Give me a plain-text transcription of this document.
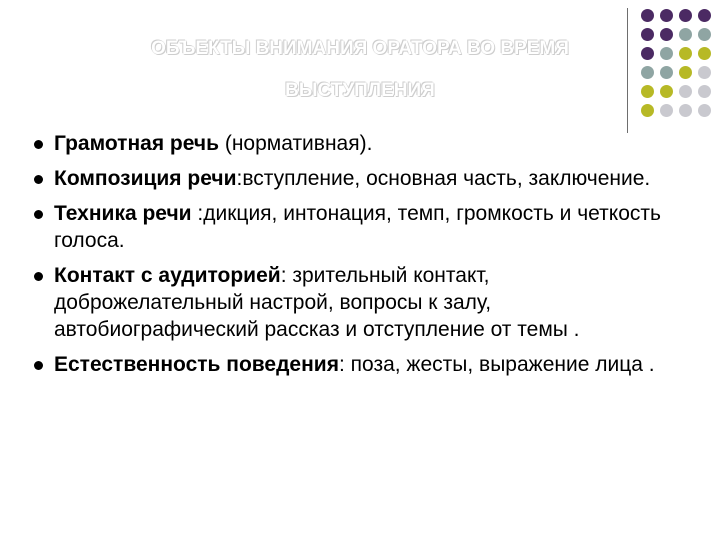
ОБЪЕКТЫ ВНИМАНИЯ ОРАТОРА ВО ВРЕМЯ
ВЫСТУПЛЕНИЯ
Грамотная речь (нормативная).
Композиция речи:вступление, основная часть, заключение.
Техника речи :дикция, интонация, темп, громкость и четкость голоса.
Контакт с аудиторией: зрительный контакт, доброжелательный настрой, вопросы к залу, автобиографический рассказ и отступление от темы .
Естественность поведения: поза, жесты, выражение лица .
